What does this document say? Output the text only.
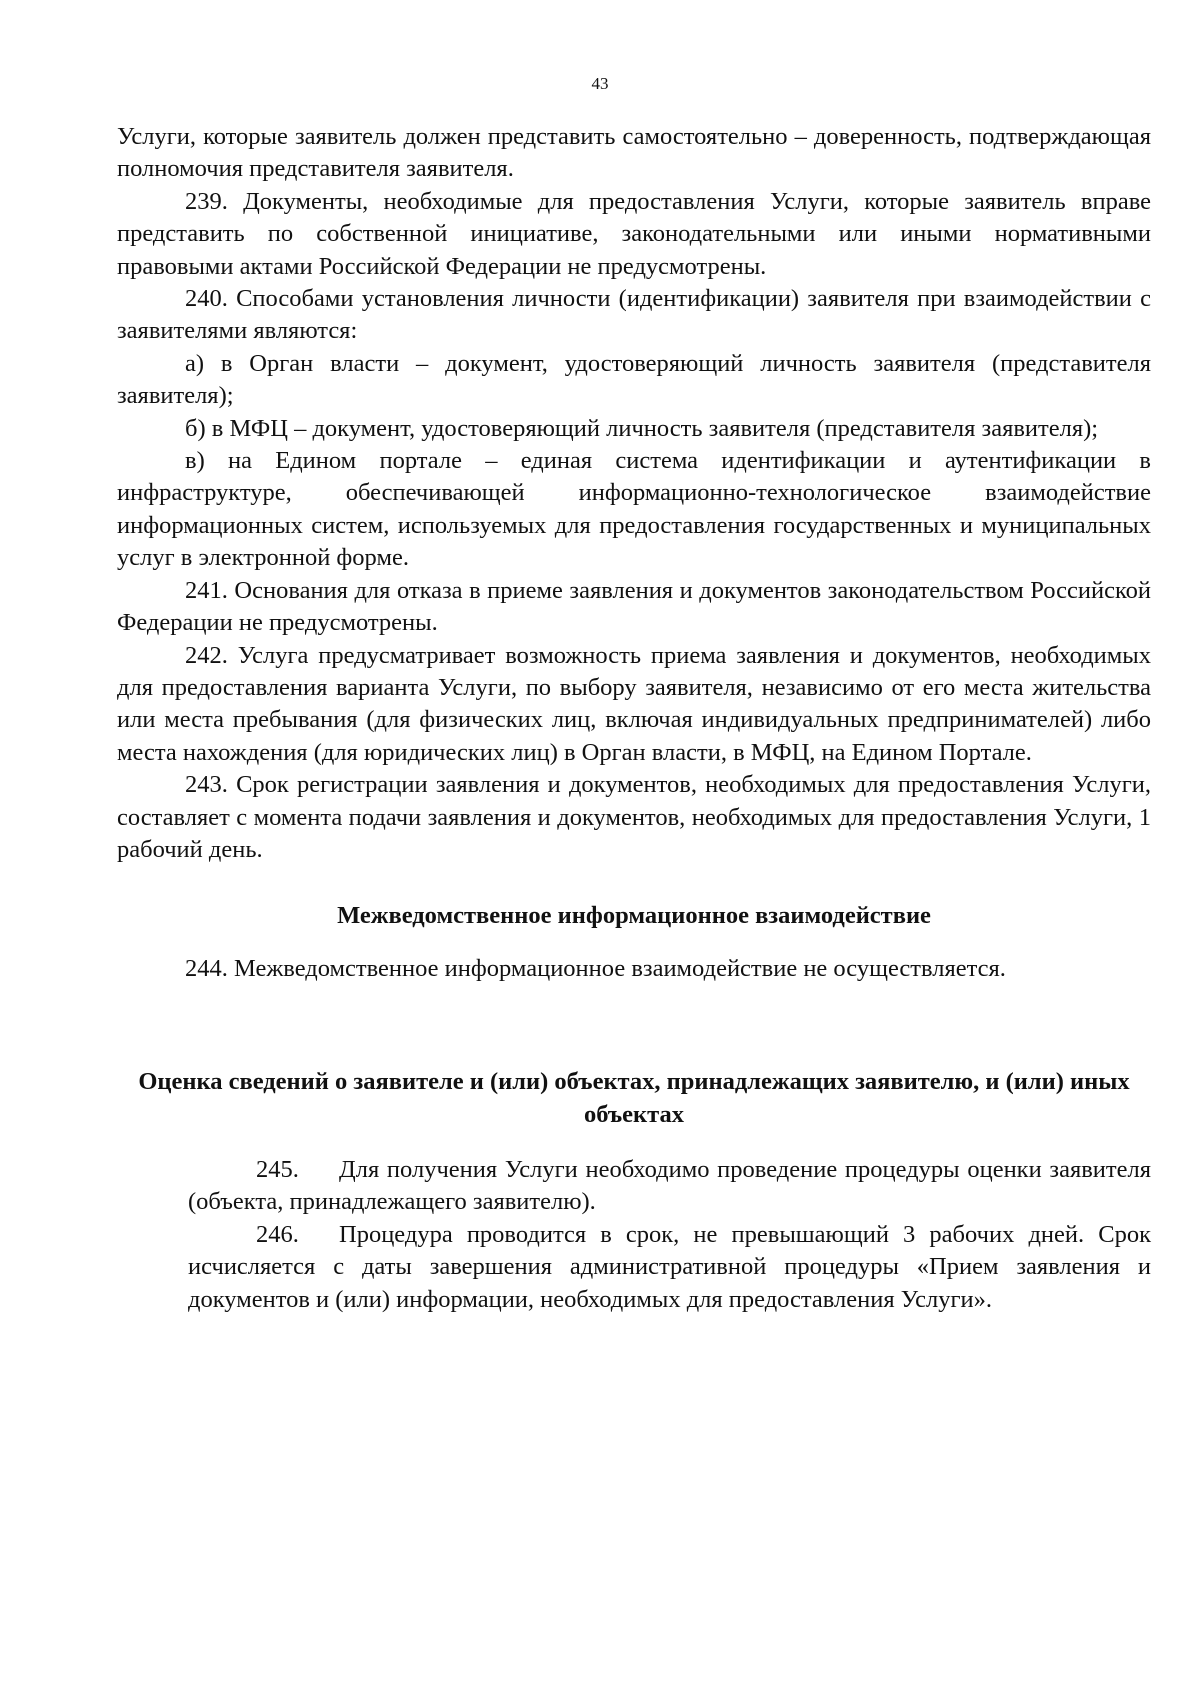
43

Услуги, которые заявитель должен представить самостоятельно – доверенность, подтверждающая полномочия представителя заявителя.

239. Документы, необходимые для предоставления Услуги, которые заявитель вправе представить по собственной инициативе, законодательными или иными нормативными правовыми актами Российской Федерации не предусмотрены.

240. Способами установления личности (идентификации) заявителя при взаимодействии с заявителями являются:

а) в Орган власти – документ, удостоверяющий личность заявителя (представителя заявителя);

б) в МФЦ – документ, удостоверяющий личность заявителя (представителя заявителя);

в) на Едином портале – единая система идентификации и аутентификации в инфраструктуре, обеспечивающей информационно-технологическое взаимодействие информационных систем, используемых для предоставления государственных и муниципальных услуг в электронной форме.

241. Основания для отказа в приеме заявления и документов законодательством Российской Федерации не предусмотрены.

242. Услуга предусматривает возможность приема заявления и документов, необходимых для предоставления варианта Услуги, по выбору заявителя, независимо от его места жительства или места пребывания (для физических лиц, включая индивидуальных предпринимателей) либо места нахождения (для юридических лиц) в Орган власти, в МФЦ, на Едином Портале.

243. Срок регистрации заявления и документов, необходимых для предоставления Услуги, составляет с момента подачи заявления и документов, необходимых для предоставления Услуги, 1 рабочий день.

Межведомственное информационное взаимодействие

244. Межведомственное информационное взаимодействие не осуществляется.

Оценка сведений о заявителе и (или) объектах, принадлежащих заявителю, и (или) иных объектах

245. Для получения Услуги необходимо проведение процедуры оценки заявителя (объекта, принадлежащего заявителю).

246. Процедура проводится в срок, не превышающий 3 рабочих дней. Срок исчисляется с даты завершения административной процедуры «Прием заявления и документов и (или) информации, необходимых для предоставления Услуги».
